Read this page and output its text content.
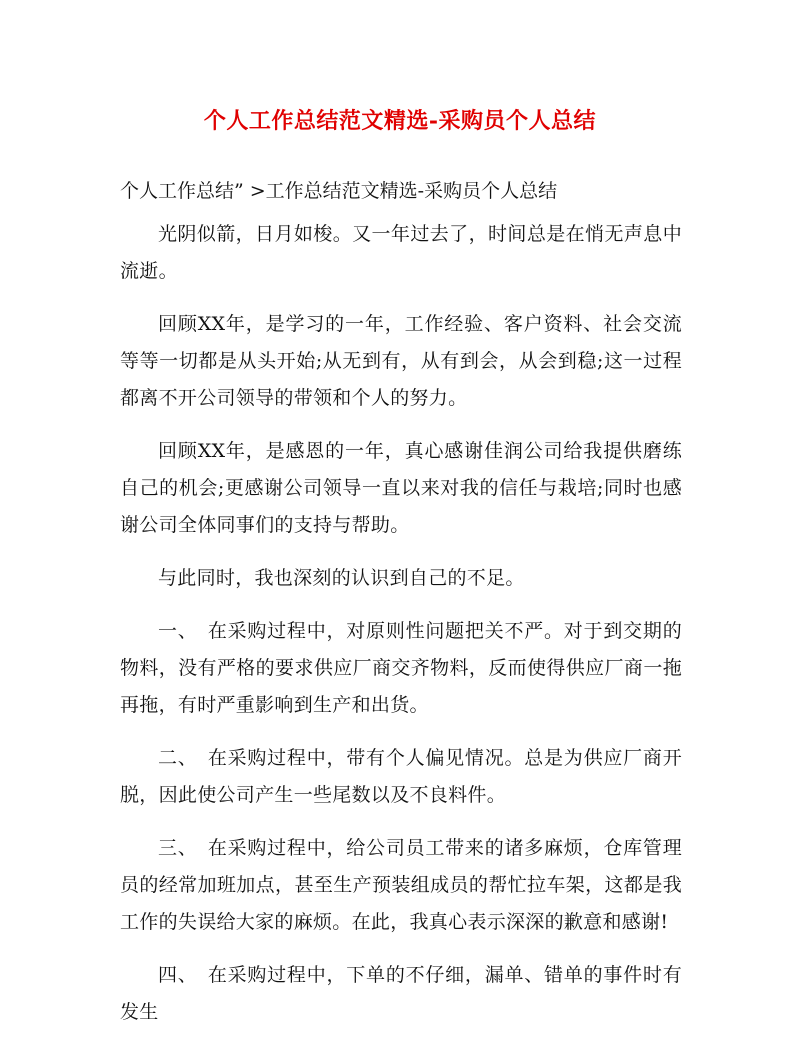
个人工作总结范文精选-采购员个人总结
个人工作总结” >工作总结范文精选-采购员个人总结

光阴似箭，日月如梭。又一年过去了，时间总是在悄无声息中流逝。

回顾XX年，是学习的一年，工作经验、客户资料、社会交流等等一切都是从头开始;从无到有，从有到会，从会到稳;这一过程都离不开公司领导的带领和个人的努力。

回顾XX年，是感恩的一年，真心感谢佳润公司给我提供磨练自己的机会;更感谢公司领导一直以来对我的信任与栽培;同时也感谢公司全体同事们的支持与帮助。

与此同时，我也深刻的认识到自己的不足。

一、　在采购过程中，对原则性问题把关不严。对于到交期的物料，没有严格的要求供应厂商交齐物料，反而使得供应厂商一拖再拖，有时严重影响到生产和出货。

二、　在采购过程中，带有个人偏见情况。总是为供应厂商开脱，因此使公司产生一些尾数以及不良料件。

三、　在采购过程中，给公司员工带来的诸多麻烦，仓库管理员的经常加班加点，甚至生产预装组成员的帮忙拉车架，这都是我工作的失误给大家的麻烦。在此，我真心表示深深的歉意和感谢!

四、　在采购过程中，下单的不仔细，漏单、错单的事件时有发生
